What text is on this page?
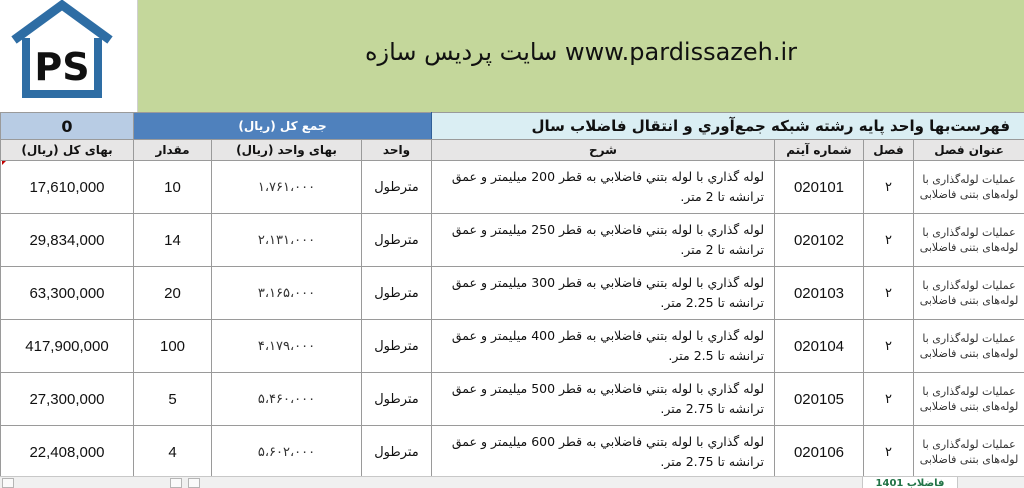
PS	سایت پردیس سازه www.pardissazeh.ir
0	جمع کل (ریال)			فهرست‌بها واحد پایه رشته شبکه جمع‌آوري و انتقال فاضلاب سال			
بهای کل (ریال)	مقدار	بهای واحد (ریال)	واحد	شرح	شماره آیتم	فصل	عنوان فصل
17,610,000	10	۱،۷۶۱،۰۰۰	مترطول	لوله گذاري با لوله بتني فاضلابي به قطر 200 ميليمتر و عمق ترانشه تا 2 متر.	020101	۲	عملیات لوله‌گذاری با لوله‌های بتنی فاضلابی
29,834,000	14	۲،۱۳۱،۰۰۰	مترطول	لوله گذاري با لوله بتني فاضلابي به قطر 250 ميليمتر و عمق ترانشه تا 2 متر.	020102	۲	عملیات لوله‌گذاری با لوله‌های بتنی فاضلابی
63,300,000	20	۳،۱۶۵،۰۰۰	مترطول	لوله گذاري با لوله بتني فاضلابي به قطر 300 ميليمتر و عمق ترانشه تا 2.25 متر.	020103	۲	عملیات لوله‌گذاری با لوله‌های بتنی فاضلابی
417,900,000	100	۴،۱۷۹،۰۰۰	مترطول	لوله گذاري با لوله بتني فاضلابي به قطر 400 ميليمتر و عمق ترانشه تا 2.5 متر.	020104	۲	عملیات لوله‌گذاری با لوله‌های بتنی فاضلابی
27,300,000	5	۵،۴۶۰،۰۰۰	مترطول	لوله گذاري با لوله بتني فاضلابي به قطر 500 ميليمتر و عمق ترانشه تا 2.75 متر.	020105	۲	عملیات لوله‌گذاری با لوله‌های بتنی فاضلابی
22,408,000	4	۵،۶۰۲،۰۰۰	مترطول	لوله گذاري با لوله بتني فاضلابي به قطر 600 ميليمتر و عمق ترانشه تا 2.75 متر.	020106	۲	عملیات لوله‌گذاری با لوله‌های بتنی فاضلابی
فاضلاب 1401
